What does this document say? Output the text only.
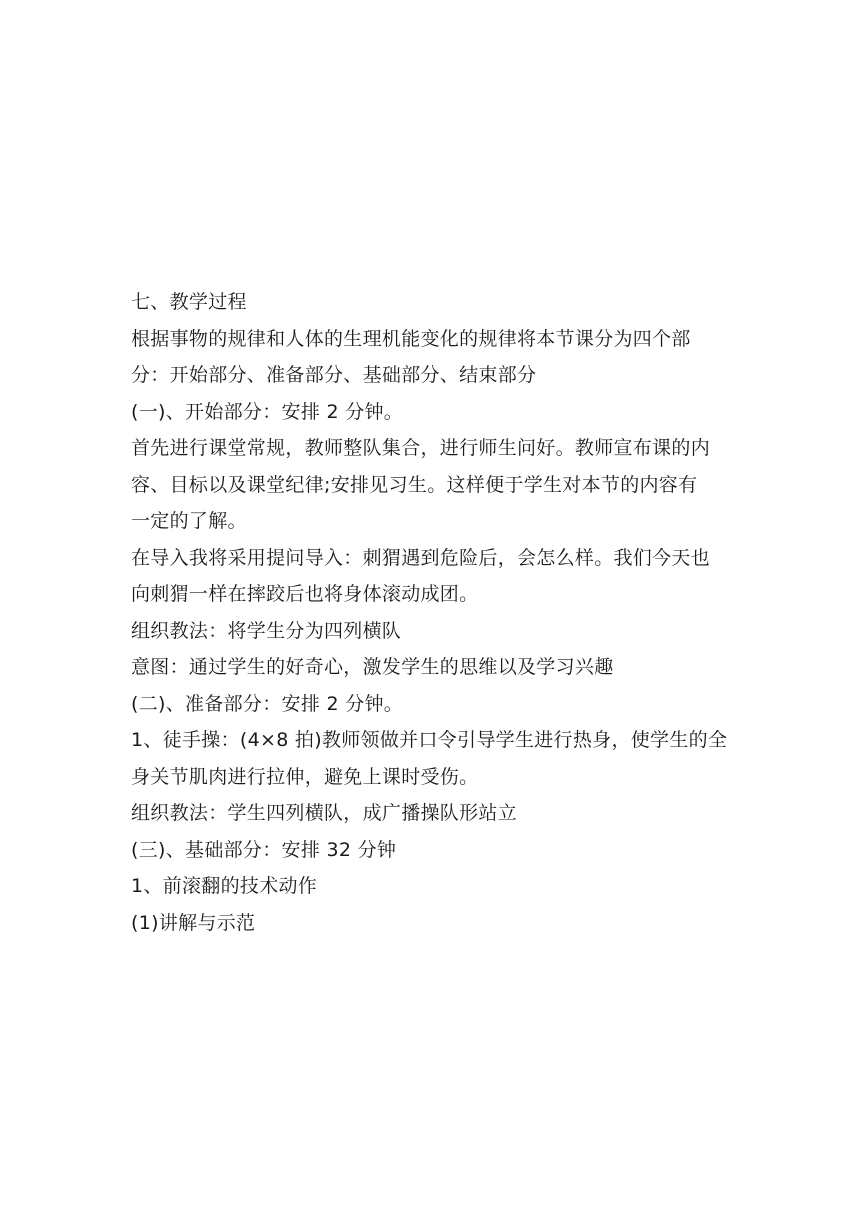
七、教学过程
根据事物的规律和人体的生理机能变化的规律将本节课分为四个部
分：开始部分、准备部分、基础部分、结束部分
(一)、开始部分：安排 2 分钟。
首先进行课堂常规，教师整队集合，进行师生问好。教师宣布课的内
容、目标以及课堂纪律;安排见习生。这样便于学生对本节的内容有
一定的了解。
在导入我将采用提问导入：刺猬遇到危险后，会怎么样。我们今天也
向刺猬一样在摔跤后也将身体滚动成团。
组织教法：将学生分为四列横队
意图：通过学生的好奇心，激发学生的思维以及学习兴趣
(二)、准备部分：安排 2 分钟。
1、徒手操：(4×8 拍)教师领做并口令引导学生进行热身，使学生的全
身关节肌肉进行拉伸，避免上课时受伤。
组织教法：学生四列横队，成广播操队形站立
(三)、基础部分：安排 32 分钟
1、前滚翻的技术动作
(1)讲解与示范
